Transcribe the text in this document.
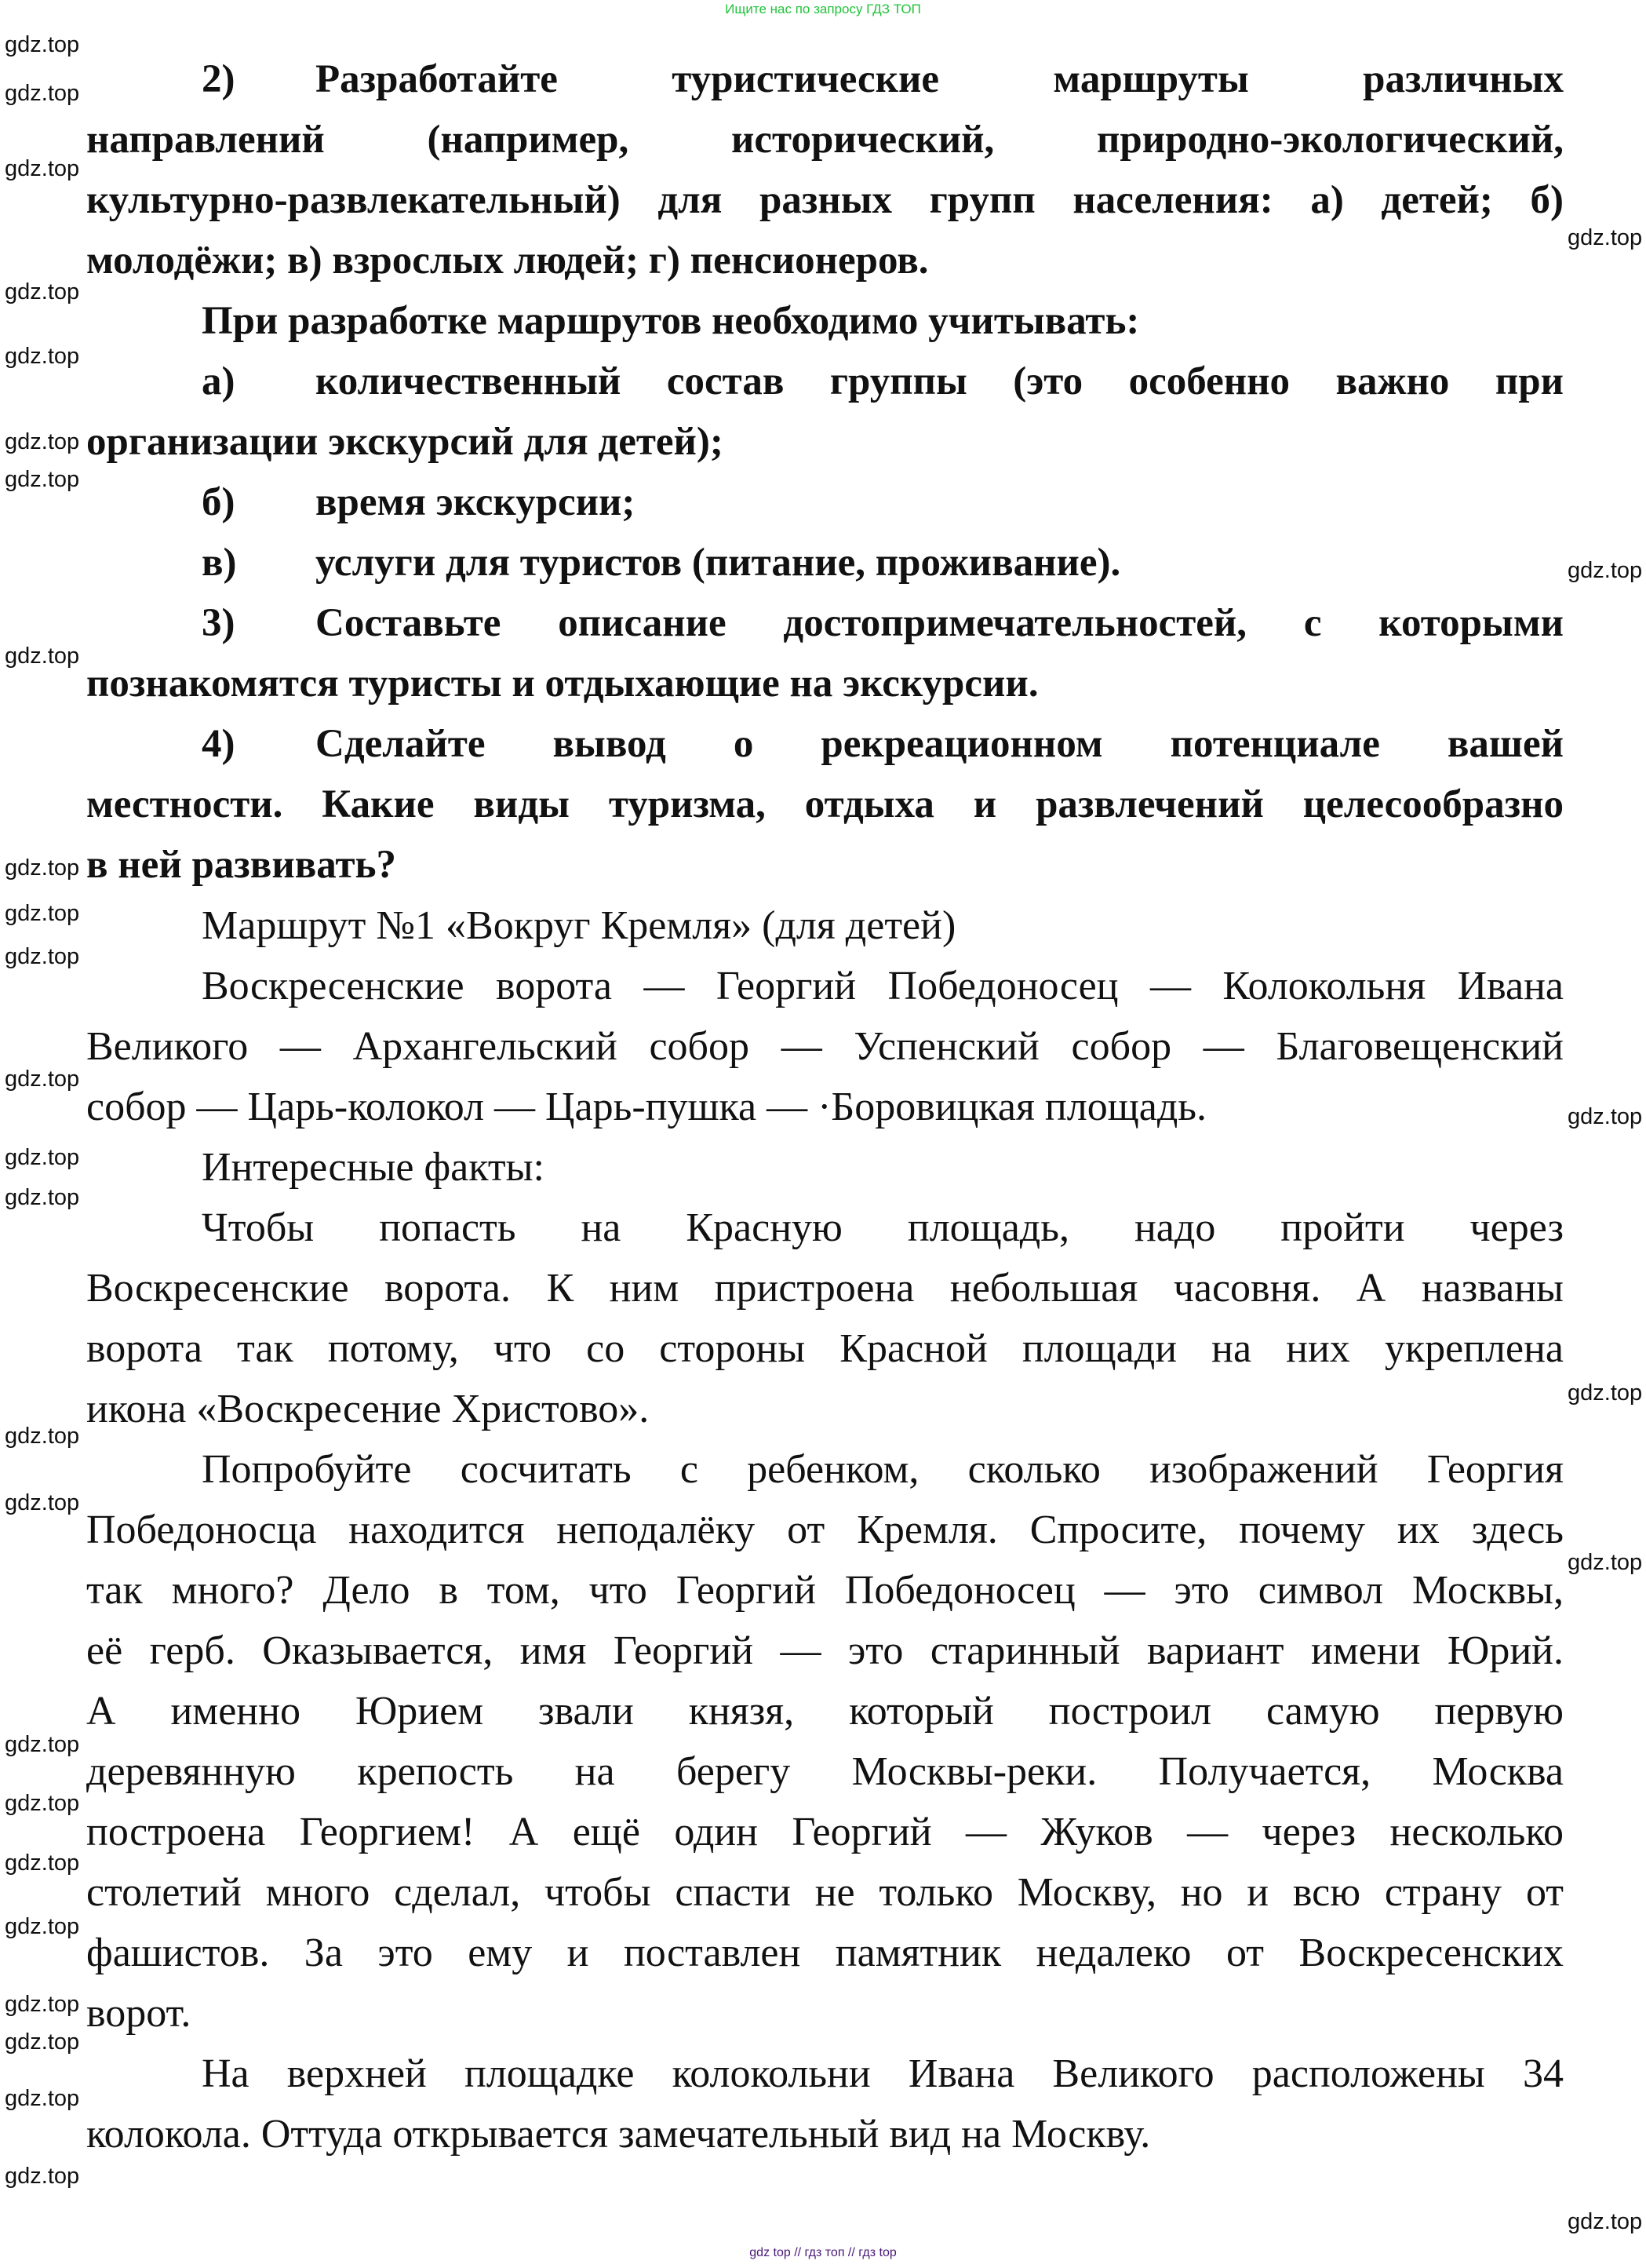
Ищите нас по запросу ГДЗ ТОП
2) Разработайте туристические маршруты различных
направлений (например, исторический, природно-экологический,
культурно-развлекательный) для разных групп населения: а) детей; б)
молодёжи; в) взрослых людей; г) пенсионеров.
При разработке маршрутов необходимо учитывать:
а) количественный состав группы (это особенно важно при
организации экскурсий для детей);
б) время экскурсии;
в) услуги для туристов (питание, проживание).
3) Составьте описание достопримечательностей, с которыми
познакомятся туристы и отдыхающие на экскурсии.
4) Сделайте вывод о рекреационном потенциале вашей
местности. Какие виды туризма, отдыха и развлечений целесообразно
в ней развивать?
Маршрут №1 «Вокруг Кремля» (для детей)
Воскресенские ворота — Георгий Победоносец — Колокольня Ивана
Великого — Архангельский собор — Успенский собор — Благовещенский
собор — Царь-колокол — Царь-пушка — ·Боровицкая площадь.
Интересные факты:
Чтобы попасть на Красную площадь, надо пройти через
Воскресенские ворота. К ним пристроена небольшая часовня. А названы
ворота так потому, что со стороны Красной площади на них укреплена
икона «Воскресение Христово».
Попробуйте сосчитать с ребенком, сколько изображений Георгия
Победоносца находится неподалёку от Кремля. Спросите, почему их здесь
так много? Дело в том, что Георгий Победоносец — это символ Москвы,
её герб. Оказывается, имя Георгий — это старинный вариант имени Юрий.
А именно Юрием звали князя, который построил самую первую
деревянную крепость на берегу Москвы-реки. Получается, Москва
построена Георгием! А ещё один Георгий — Жуков — через несколько
столетий много сделал, чтобы спасти не только Москву, но и всю страну от
фашистов. За это ему и поставлен памятник недалеко от Воскресенских
ворот.
На верхней площадке колокольни Ивана Великого расположены 34
колокола. Оттуда открывается замечательный вид на Москву.
gdz.top
gdz.top
gdz.top
gdz.top
gdz.top
gdz.top
gdz.top
gdz.top
gdz.top
gdz.top
gdz.top
gdz.top
gdz.top
gdz.top
gdz.top
gdz.top
gdz.top
gdz.top
gdz.top
gdz.top
gdz.top
gdz.top
gdz.top
gdz.top
gdz.top
gdz.top
gdz.top
gdz.top
gdz.top
gdz.top
gdz top // гдз топ // гдз top
